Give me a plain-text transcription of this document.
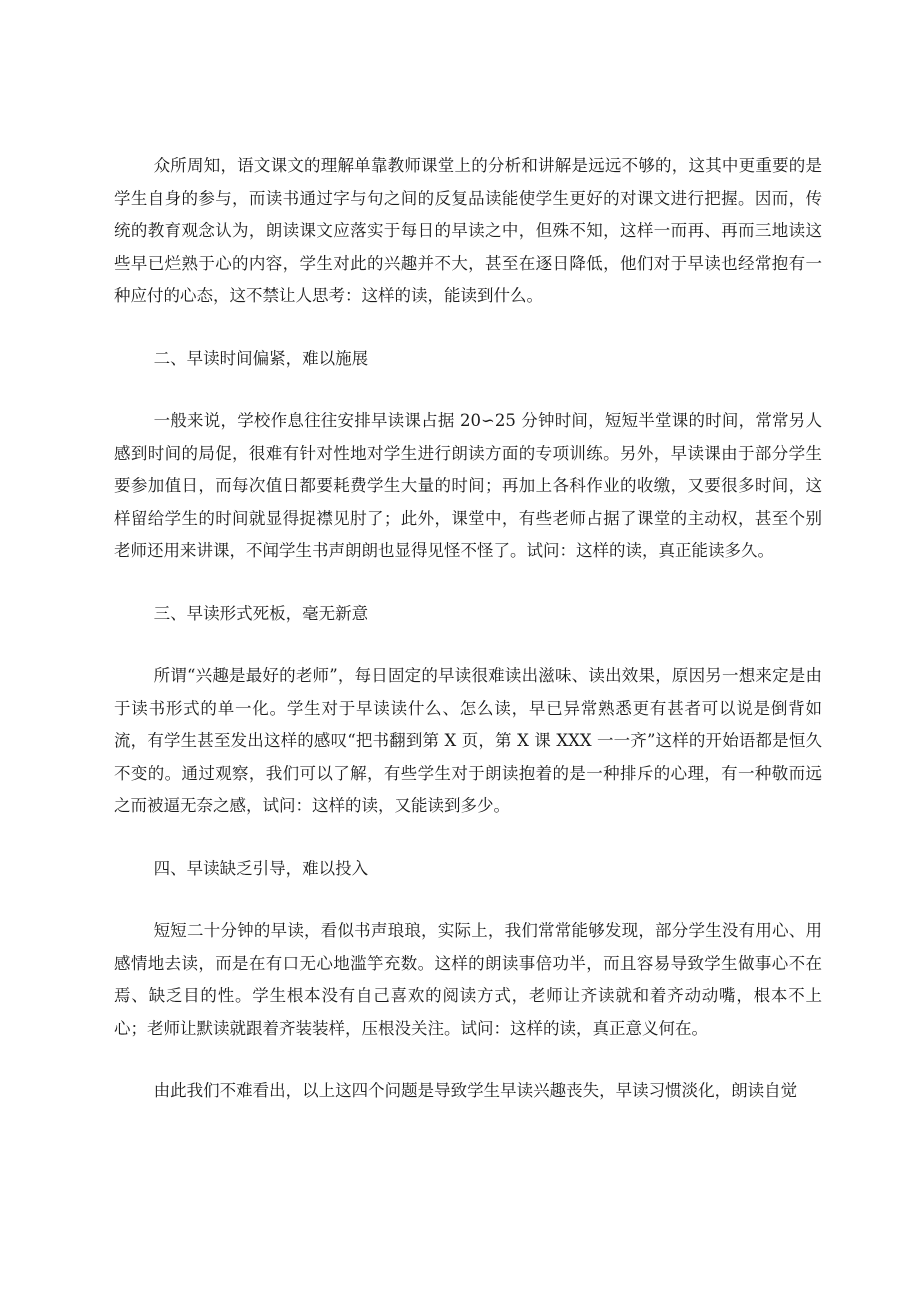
众所周知，语文课文的理解单靠教师课堂上的分析和讲解是远远不够的，这其中更重要的是学生自身的参与，而读书通过字与句之间的反复品读能使学生更好的对课文进行把握。因而，传统的教育观念认为，朗读课文应落实于每日的早读之中，但殊不知，这样一而再、再而三地读这些早已烂熟于心的内容，学生对此的兴趣并不大，甚至在逐日降低，他们对于早读也经常抱有一种应付的心态，这不禁让人思考：这样的读，能读到什么。

二、早读时间偏紧，难以施展

一般来说，学校作息往往安排早读课占据 20∽25 分钟时间，短短半堂课的时间，常常另人感到时间的局促，很难有针对性地对学生进行朗读方面的专项训练。另外，早读课由于部分学生要参加值日，而每次值日都要耗费学生大量的时间；再加上各科作业的收缴，又要很多时间，这样留给学生的时间就显得捉襟见肘了；此外，课堂中，有些老师占据了课堂的主动权，甚至个别老师还用来讲课，不闻学生书声朗朗也显得见怪不怪了。试问：这样的读，真正能读多久。

三、早读形式死板，毫无新意

所谓“兴趣是最好的老师”，每日固定的早读很难读出滋味、读出效果，原因另一想来定是由于读书形式的单一化。学生对于早读读什么、怎么读，早已异常熟悉更有甚者可以说是倒背如流，有学生甚至发出这样的感叹“把书翻到第 X 页，第 X 课 XXX 一一齐”这样的开始语都是恒久不变的。通过观察，我们可以了解，有些学生对于朗读抱着的是一种排斥的心理，有一种敬而远之而被逼无奈之感，试问：这样的读，又能读到多少。

四、早读缺乏引导，难以投入

短短二十分钟的早读，看似书声琅琅，实际上，我们常常能够发现，部分学生没有用心、用感情地去读，而是在有口无心地滥竽充数。这样的朗读事倍功半，而且容易导致学生做事心不在焉、缺乏目的性。学生根本没有自己喜欢的阅读方式，老师让齐读就和着齐动动嘴，根本不上心；老师让默读就跟着齐装装样，压根没关注。试问：这样的读，真正意义何在。

由此我们不难看出，以上这四个问题是导致学生早读兴趣丧失，早读习惯淡化，朗读自觉
